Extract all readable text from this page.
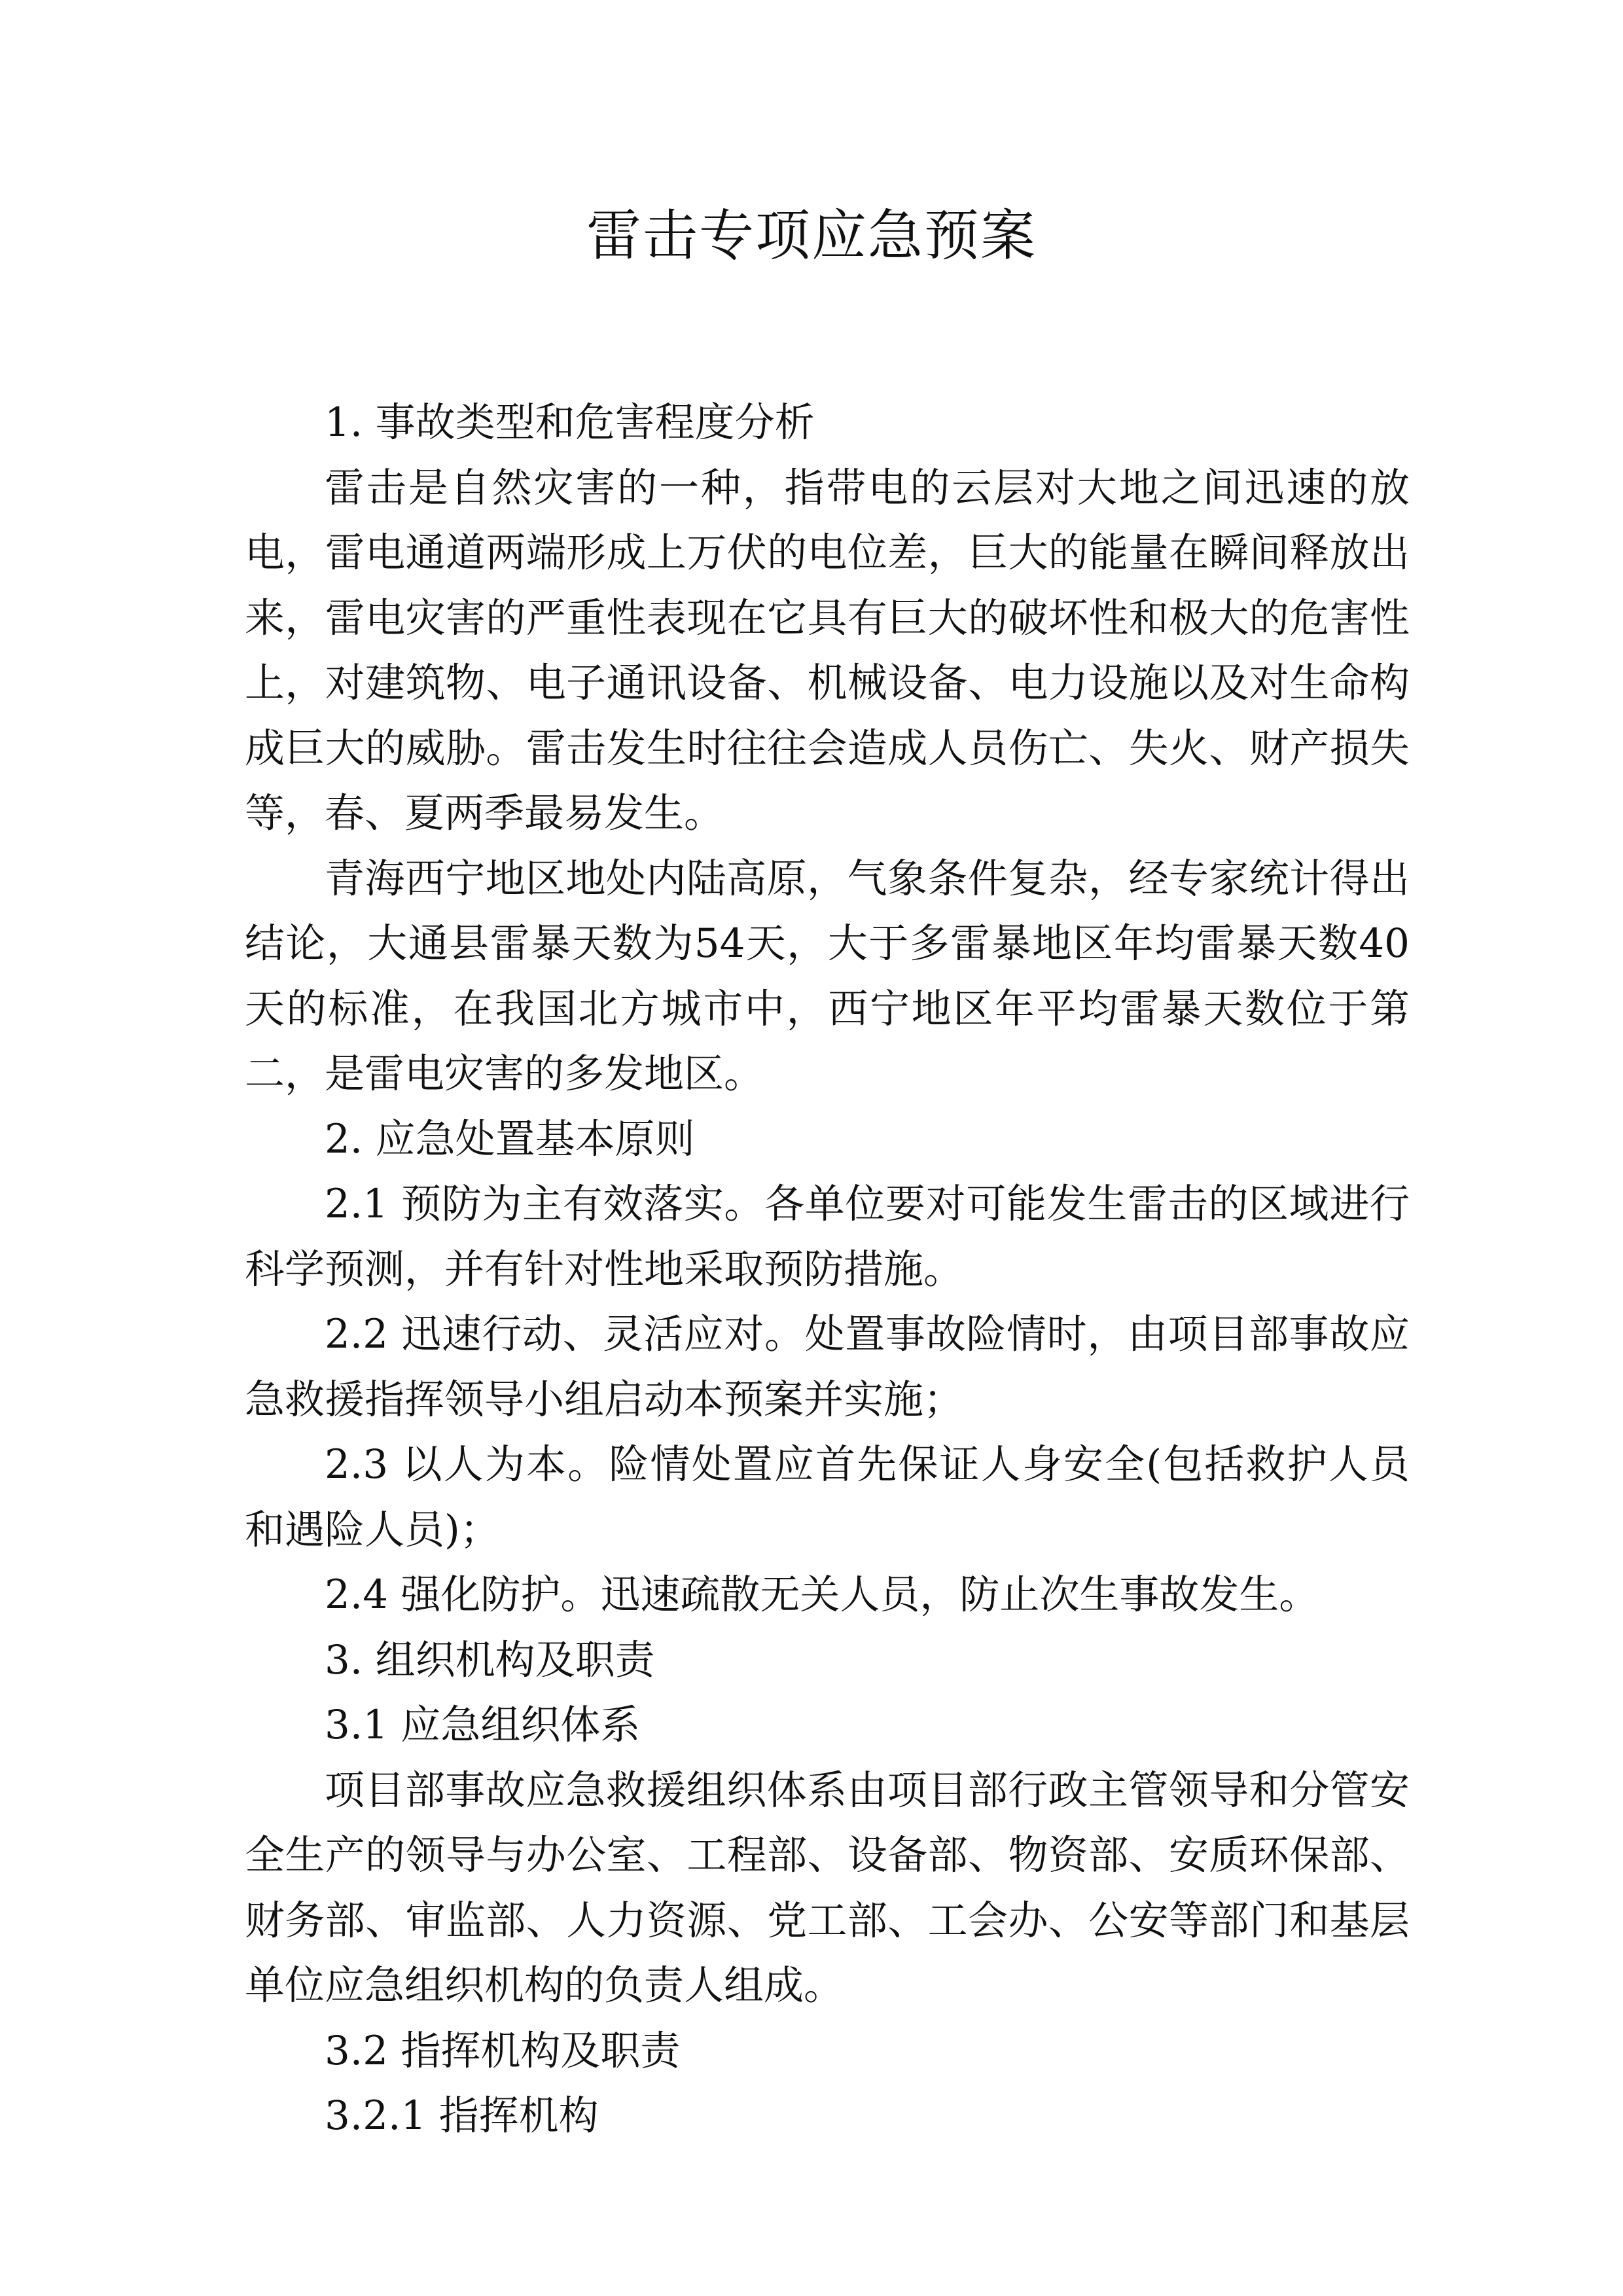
雷击专项应急预案

1. 事故类型和危害程度分析

雷击是自然灾害的一种，指带电的云层对大地之间迅速的放电，雷电通道两端形成上万伏的电位差，巨大的能量在瞬间释放出来，雷电灾害的严重性表现在它具有巨大的破坏性和极大的危害性上，对建筑物、电子通讯设备、机械设备、电力设施以及对生命构成巨大的威胁。雷击发生时往往会造成人员伤亡、失火、财产损失等，春、夏两季最易发生。

青海西宁地区地处内陆高原，气象条件复杂，经专家统计得出结论，大通县雷暴天数为54天，大于多雷暴地区年均雷暴天数40天的标准，在我国北方城市中，西宁地区年平均雷暴天数位于第二，是雷电灾害的多发地区。

2. 应急处置基本原则

2.1 预防为主有效落实。各单位要对可能发生雷击的区域进行科学预测，并有针对性地采取预防措施。

2.2 迅速行动、灵活应对。处置事故险情时，由项目部事故应急救援指挥领导小组启动本预案并实施；

2.3 以人为本。险情处置应首先保证人身安全(包括救护人员和遇险人员)；

2.4 强化防护。迅速疏散无关人员，防止次生事故发生。

3. 组织机构及职责

3.1 应急组织体系

项目部事故应急救援组织体系由项目部行政主管领导和分管安全生产的领导与办公室、工程部、设备部、物资部、安质环保部、财务部、审监部、人力资源、党工部、工会办、公安等部门和基层单位应急组织机构的负责人组成。

3.2 指挥机构及职责

3.2.1 指挥机构
